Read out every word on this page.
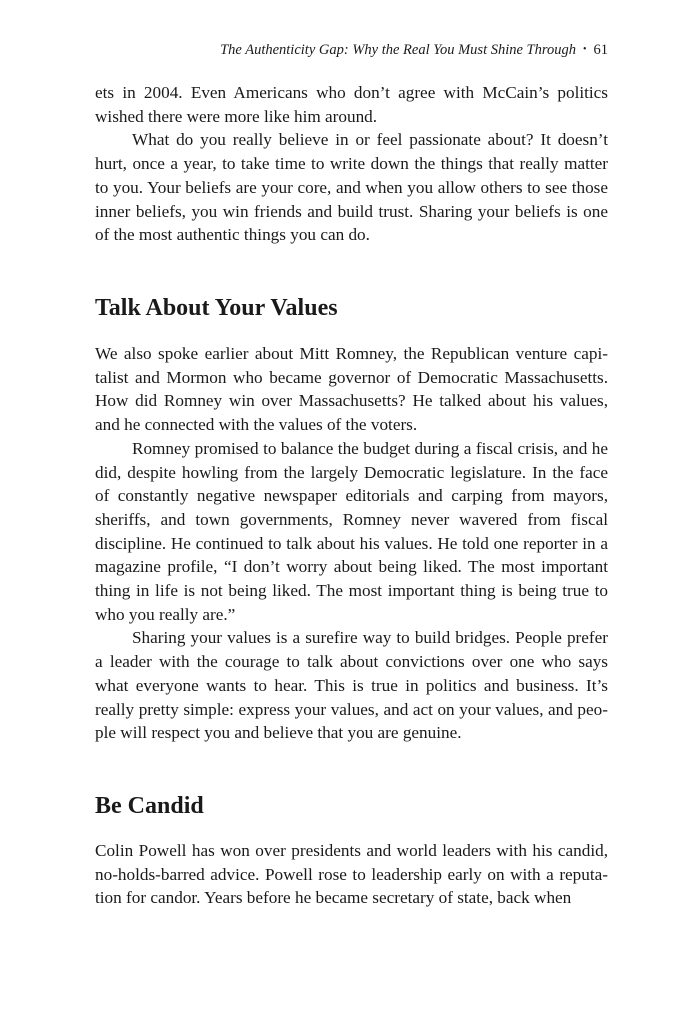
The Authenticity Gap: Why the Real You Must Shine Through • 61

ets in 2004. Even Americans who don’t agree with McCain’s politics wished there were more like him around.

What do you really believe in or feel passionate about? It doesn’t hurt, once a year, to take time to write down the things that really matter to you. Your beliefs are your core, and when you allow others to see those inner beliefs, you win friends and build trust. Sharing your beliefs is one of the most authentic things you can do.

Talk About Your Values

We also spoke earlier about Mitt Romney, the Republican venture capitalist and Mormon who became governor of Democratic Massachusetts. How did Romney win over Massachusetts? He talked about his values, and he connected with the values of the voters.

Romney promised to balance the budget during a fiscal crisis, and he did, despite howling from the largely Democratic legislature. In the face of constantly negative newspaper editorials and carping from mayors, sheriffs, and town governments, Romney never wavered from fiscal discipline. He continued to talk about his values. He told one reporter in a magazine profile, “I don’t worry about being liked. The most important thing in life is not being liked. The most important thing is being true to who you really are.”

Sharing your values is a surefire way to build bridges. People prefer a leader with the courage to talk about convictions over one who says what everyone wants to hear. This is true in politics and business. It’s really pretty simple: express your values, and act on your values, and people will respect you and believe that you are genuine.

Be Candid

Colin Powell has won over presidents and world leaders with his candid, no-holds-barred advice. Powell rose to leadership early on with a reputation for candor. Years before he became secretary of state, back when
